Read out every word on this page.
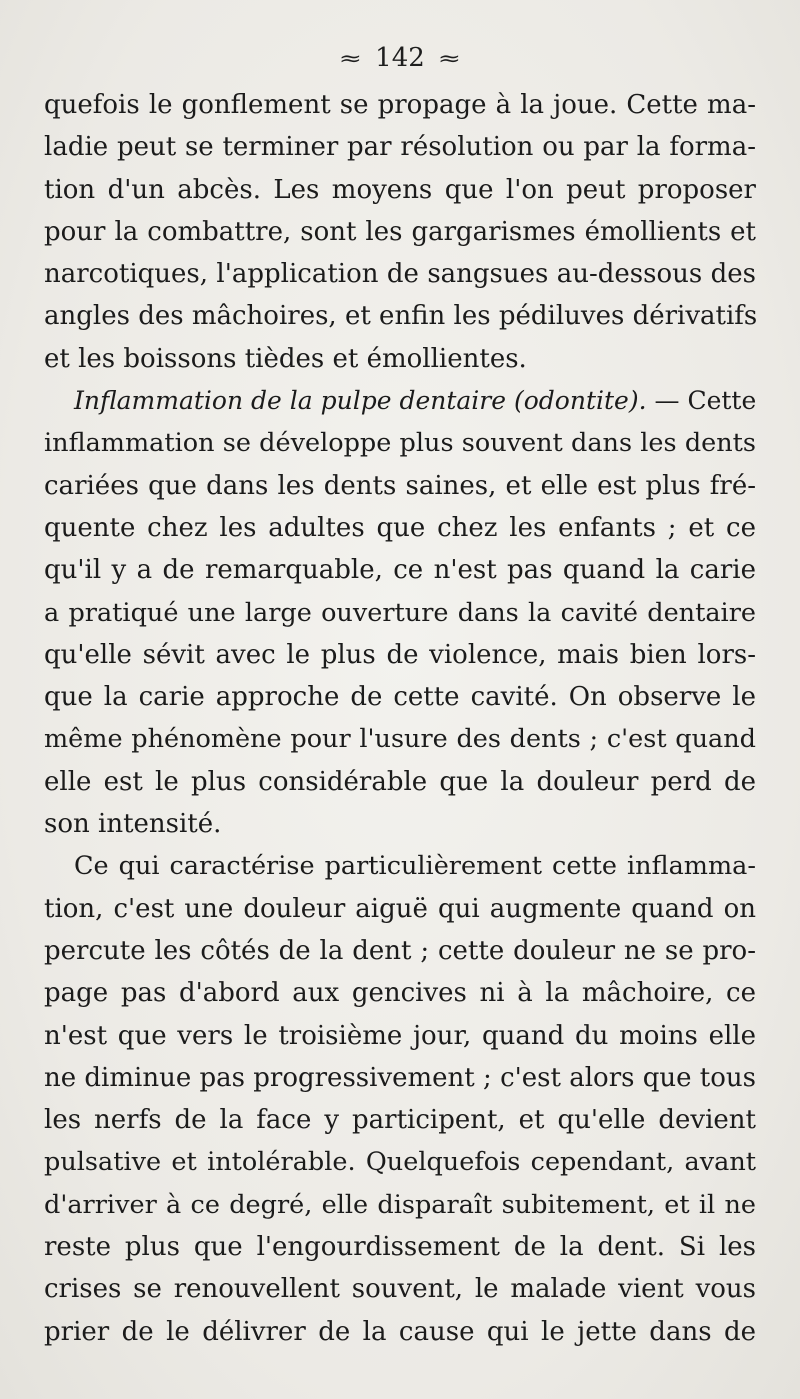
≈ 142 ≈
quefois le gonflement se propage à la joue. Cette ma-
ladie peut se terminer par résolution ou par la forma-
tion d'un abcès. Les moyens que l'on peut proposer
pour la combattre, sont les gargarismes émollients et
narcotiques, l'application de sangsues au-dessous des
angles des mâchoires, et enfin les pédiluves dérivatifs
et les boissons tièdes et émollientes.
Inflammation de la pulpe dentaire (odontite). — Cette
inflammation se développe plus souvent dans les dents
cariées que dans les dents saines, et elle est plus fré-
quente chez les adultes que chez les enfants ; et ce
qu'il y a de remarquable, ce n'est pas quand la carie
a pratiqué une large ouverture dans la cavité dentaire
qu'elle sévit avec le plus de violence, mais bien lors-
que la carie approche de cette cavité. On observe le
même phénomène pour l'usure des dents ; c'est quand
elle est le plus considérable que la douleur perd de
son intensité.
Ce qui caractérise particulièrement cette inflamma-
tion, c'est une douleur aiguë qui augmente quand on
percute les côtés de la dent ; cette douleur ne se pro-
page pas d'abord aux gencives ni à la mâchoire, ce
n'est que vers le troisième jour, quand du moins elle
ne diminue pas progressivement ; c'est alors que tous
les nerfs de la face y participent, et qu'elle devient
pulsative et intolérable. Quelquefois cependant, avant
d'arriver à ce degré, elle disparaît subitement, et il ne
reste plus que l'engourdissement de la dent. Si les
crises se renouvellent souvent, le malade vient vous
prier de le délivrer de la cause qui le jette dans de
